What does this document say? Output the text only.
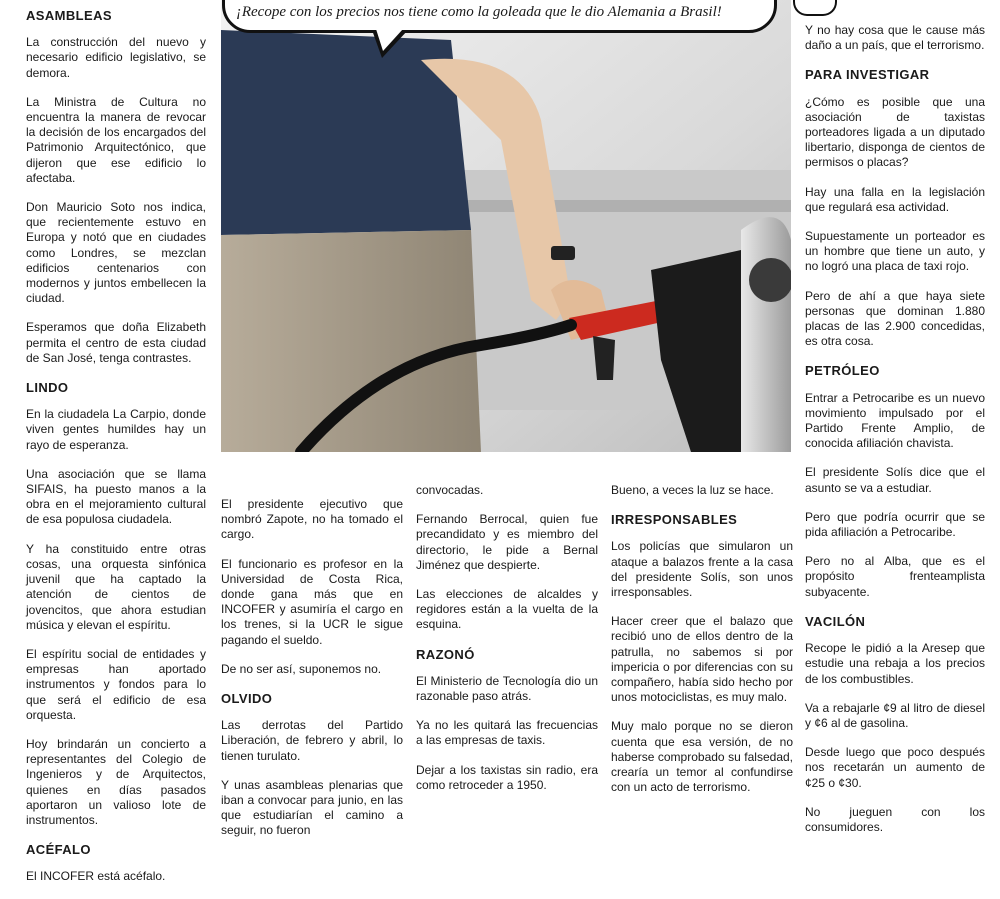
ASAMBLEAS

La construcción del nuevo y necesario edificio legislativo, se demora.

La Ministra de Cultura no encuentra la manera de revocar la decisión de los encargados del Patrimonio Arquitectónico, que dijeron que ese edificio lo afectaba.

Don Mauricio Soto nos indica, que recientemente estuvo en Europa y notó que en ciudades como Londres, se mezclan edificios centenarios con modernos y juntos embellecen la ciudad.

Esperamos que doña Elizabeth permita el centro de esta ciudad de San José, tenga contrastes.

LINDO

En la ciudadela La Carpio, donde viven gentes humildes hay un rayo de esperanza.

Una asociación que se llama SIFAIS, ha puesto manos a la obra en el mejoramiento cultural de esa populosa ciudadela.

Y ha constituido entre otras cosas, una orquesta sinfónica juvenil que ha captado la atención de cientos de jovencitos, que ahora estudian música y elevan el espíritu.

El espíritu social de entidades y empresas han aportado instrumentos y fondos para lo que será el edificio de esa orquesta.

Hoy brindarán un concierto a representantes del Colegio de Ingenieros y de Arquitectos, quienes en días pasados aportaron un valioso lote de instrumentos.

ACÉFALO

El INCOFER está acéfalo.

El presidente ejecutivo que nombró Zapote, no ha tomado el cargo.

El funcionario es profesor en la Universidad de Costa Rica, donde gana más que en INCOFER y asumiría el cargo en los trenes, si la UCR le sigue pagando el sueldo.

De no ser así, suponemos no.

OLVIDO

Las derrotas del Partido Liberación, de febrero y abril, lo tienen turulato.

Y unas asambleas plenarias que iban a convocar para junio, en las que estudiarían el camino a seguir, no fueron

convocadas.

Fernando Berrocal, quien fue precandidato y es miembro del directorio, le pide a Bernal Jiménez que despierte.

Las elecciones de alcaldes y regidores están a la vuelta de la esquina.

RAZONÓ

El Ministerio de Tecnología dio un razonable paso atrás.

Ya no les quitará las frecuencias a las empresas de taxis.

Dejar a los taxistas sin radio, era como retroceder a 1950.

Bueno, a veces la luz se hace.

IRRESPONSABLES

Los policías que simularon un ataque a balazos frente a la casa del presidente Solís, son unos irresponsables.

Hacer creer que el balazo que recibió uno de ellos dentro de la patrulla, no sabemos si por impericia o por diferencias con su compañero, había sido hecho por unos motociclistas, es muy malo.

Muy malo porque no se dieron cuenta que esa versión, de no haberse comprobado su falsedad, crearía un temor al confundirse con un acto de terrorismo.

Y no hay cosa que le cause más daño a un país, que el terrorismo.

PARA INVESTIGAR

¿Cómo es posible que una asociación de taxistas porteadores ligada a un diputado libertario, disponga de cientos de permisos o placas?

Hay una falla en la legislación que regulará esa actividad.

Supuestamente un porteador es un hombre que tiene un auto, y no logró una placa de taxi rojo.

Pero de ahí a que haya siete personas que dominan 1.880 placas de las 2.900 concedidas, es otra cosa.

PETRÓLEO

Entrar a Petrocaribe es un nuevo movimiento impulsado por el Partido Frente Amplio, de conocida afiliación chavista.

El presidente Solís dice que el asunto se va a estudiar.

Pero que podría ocurrir que se pida afiliación a Petrocaribe.

Pero no al Alba, que es el propósito frenteamplista subyacente.

VACILÓN

Recope le pidió a la Aresep que estudie una rebaja a los precios de los combustibles.

Va a rebajarle ¢9 al litro de diesel y ¢6 al de gasolina.

Desde luego que poco después nos recetarán un aumento de ¢25 o ¢30.

No jueguen con los consumidores.

¡Recope con los precios nos tiene como la goleada que le dio Alemania a Brasil!
